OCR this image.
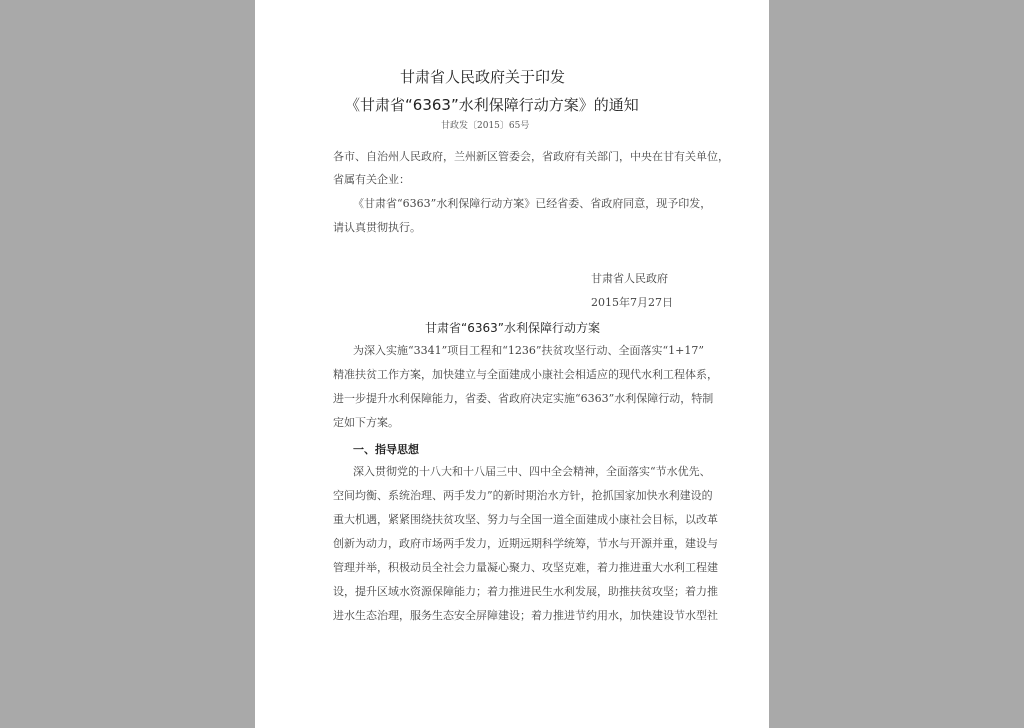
甘肃省人民政府关于印发
《甘肃省“6363”水利保障行动方案》的通知
甘政发〔2015〕65号
各市、自治州人民政府，兰州新区管委会，省政府有关部门，中央在甘有关单位，
省属有关企业：
《甘肃省“6363”水利保障行动方案》已经省委、省政府同意，现予印发，
请认真贯彻执行。
甘肃省人民政府
2015年7月27日
甘肃省“6363”水利保障行动方案
为深入实施“3341”项目工程和“1236”扶贫攻坚行动、全面落实“1+17”
精准扶贫工作方案，加快建立与全面建成小康社会相适应的现代水利工程体系，
进一步提升水利保障能力，省委、省政府决定实施“6363”水利保障行动，特制
定如下方案。
一、指导思想
深入贯彻党的十八大和十八届三中、四中全会精神，全面落实“节水优先、
空间均衡、系统治理、两手发力”的新时期治水方针，抢抓国家加快水利建设的
重大机遇，紧紧围绕扶贫攻坚、努力与全国一道全面建成小康社会目标，以改革
创新为动力，政府市场两手发力，近期远期科学统筹，节水与开源并重，建设与
管理并举，积极动员全社会力量凝心聚力、攻坚克难，着力推进重大水利工程建
设，提升区域水资源保障能力；着力推进民生水利发展，助推扶贫攻坚；着力推
进水生态治理，服务生态安全屏障建设；着力推进节约用水，加快建设节水型社
